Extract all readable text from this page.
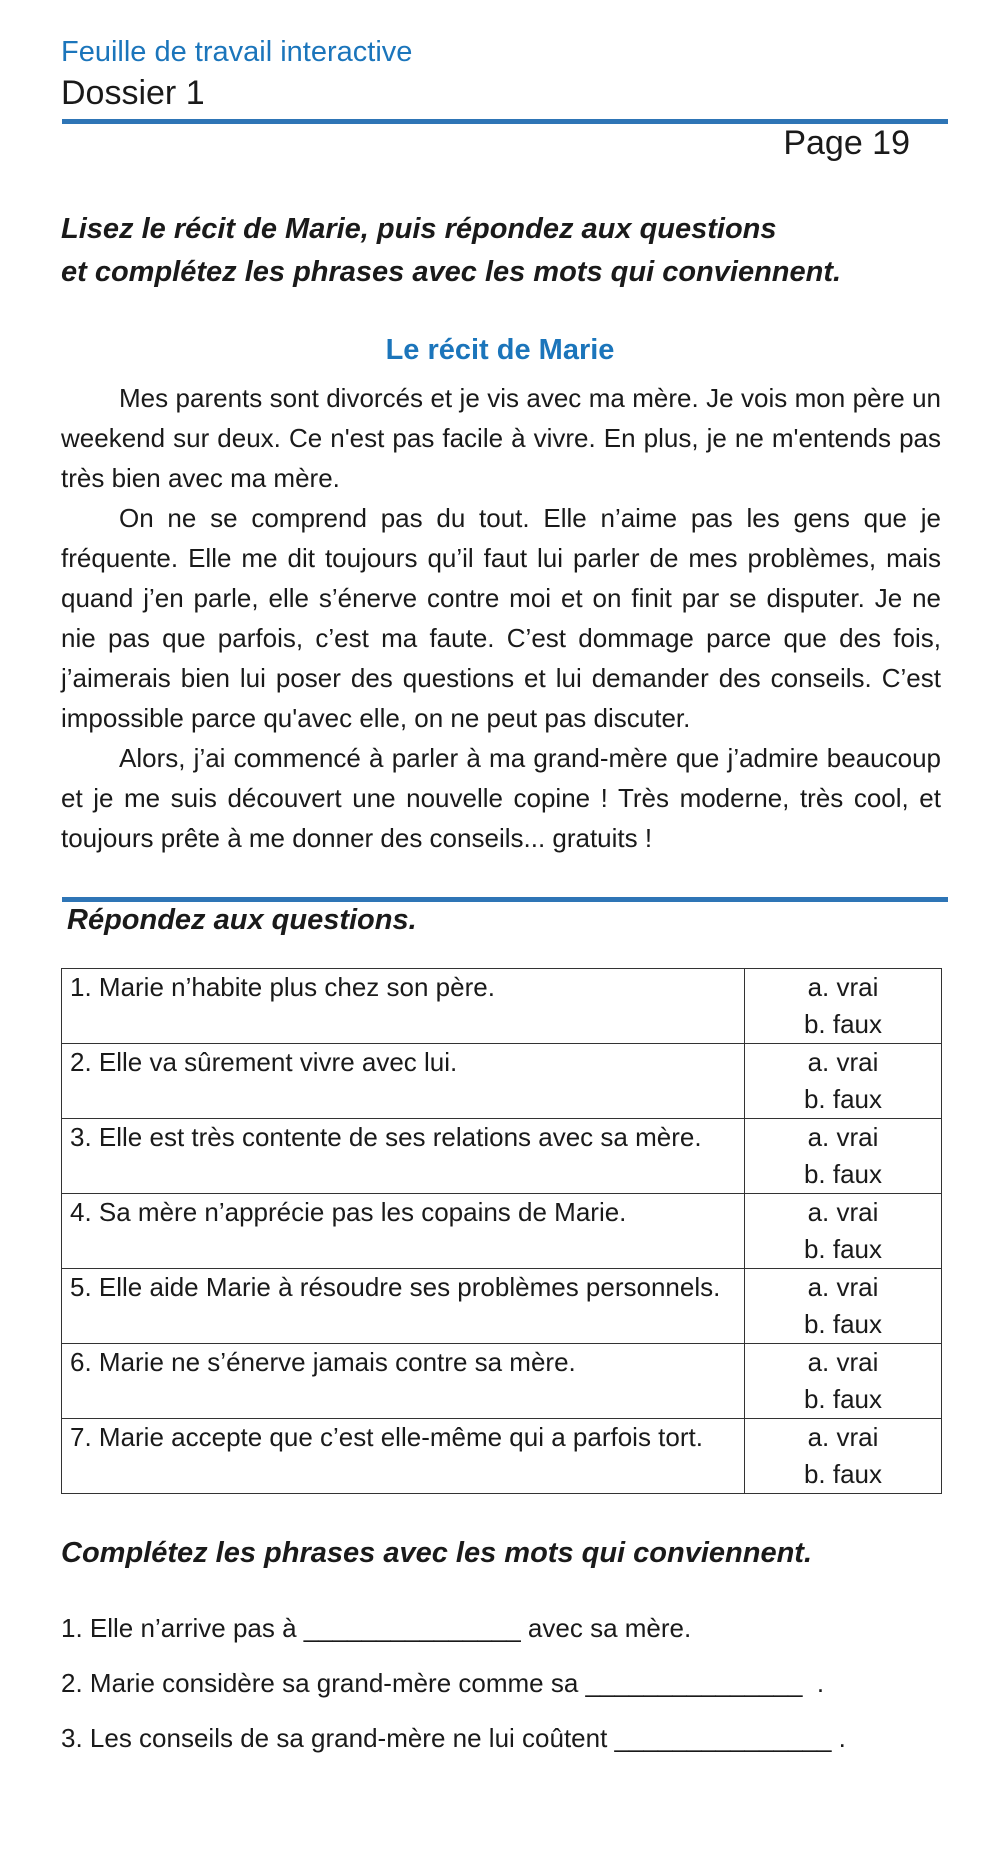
Feuille de travail interactive
Dossier 1
Page 19
Lisez le récit de Marie, puis répondez aux questions
et complétez les phrases avec les mots qui conviennent.
Le récit de Marie

Mes parents sont divorcés et je vis avec ma mère. Je vois mon père un weekend sur deux. Ce n'est pas facile à vivre. En plus, je ne m'entends pas très bien avec ma mère.

On ne se comprend pas du tout. Elle n’aime pas les gens que je fréquente. Elle me dit toujours qu’il faut lui parler de mes problèmes, mais quand j’en parle, elle s’énerve contre moi et on finit par se disputer. Je ne nie pas que parfois, c’est ma faute. C’est dommage parce que des fois, j’aimerais bien lui poser des questions et lui demander des conseils. C’est impossible parce qu'avec elle, on ne peut pas discuter.

Alors, j’ai commencé à parler à ma grand-mère que j’admire beaucoup et je me suis découvert une nouvelle copine ! Très moderne, très cool, et toujours prête à me donner des conseils... gratuits !

Répondez aux questions.
1. Marie n’habite plus chez son père.	a. vrai
b. faux

2. Elle va sûrement vivre avec lui.	a. vrai
b. faux

3. Elle est très contente de ses relations avec sa mère.	a. vrai
b. faux

4. Sa mère n’apprécie pas les copains de Marie.	a. vrai
b. faux

5. Elle aide Marie à résoudre ses problèmes personnels.	a. vrai
b. faux

6. Marie ne s’énerve jamais contre sa mère.	a. vrai
b. faux

7. Marie accepte que c’est elle-même qui a parfois tort.	a. vrai
b. faux
Complétez les phrases avec les mots qui conviennent.
1. Elle n’arrive pas à _______________ avec sa mère.
2. Marie considère sa grand-mère comme sa _______________  .
3. Les conseils de sa grand-mère ne lui coûtent _______________ .
